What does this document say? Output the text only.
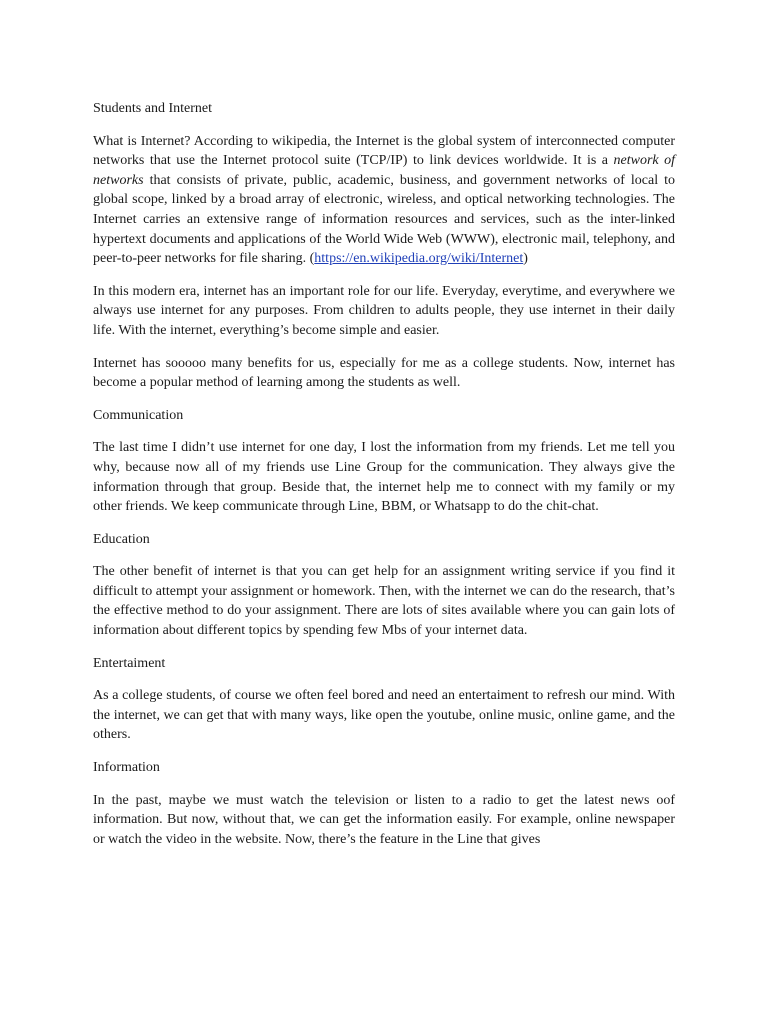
Students and Internet

What is Internet? According to wikipedia, the Internet is the global system of interconnected computer networks that use the Internet protocol suite (TCP/IP) to link devices worldwide. It is a network of networks that consists of private, public, academic, business, and government networks of local to global scope, linked by a broad array of electronic, wireless, and optical networking technologies. The Internet carries an extensive range of information resources and services, such as the inter-linked hypertext documents and applications of the World Wide Web (WWW), electronic mail, telephony, and peer-to-peer networks for file sharing. (https://en.wikipedia.org/wiki/Internet)

In this modern era, internet has an important role for our life. Everyday, everytime, and everywhere we always use internet for any purposes. From children to adults people, they use internet in their daily life. With the internet, everything’s become simple and easier.

Internet has sooooo many benefits for us, especially for me as a college students. Now, internet has become a popular method of learning among the students as well.

Communication

The last time I didn’t use internet for one day, I lost the information from my friends. Let me tell you why, because now all of my friends use Line Group for the communication. They always give the information through that group. Beside that, the internet help me to connect with my family or my other friends. We keep communicate through Line, BBM, or Whatsapp to do the chit-chat.

Education

The other benefit of internet is that you can get help for an assignment writing service if you find it difficult to attempt your assignment or homework. Then, with the internet we can do the research, that’s the effective method to do your assignment. There are lots of sites available where you can gain lots of information about different topics by spending few Mbs of your internet data.

Entertaiment

As a college students, of course we often feel bored and need an entertaiment to refresh our mind. With the internet, we can get that with many ways, like open the youtube, online music, online game, and the others.

Information

In the past, maybe we must watch the television or listen to a radio to get the latest news oof information. But now, without that, we can get the information easily. For example, online newspaper or watch the video in the website. Now, there’s the feature in the Line that gives
